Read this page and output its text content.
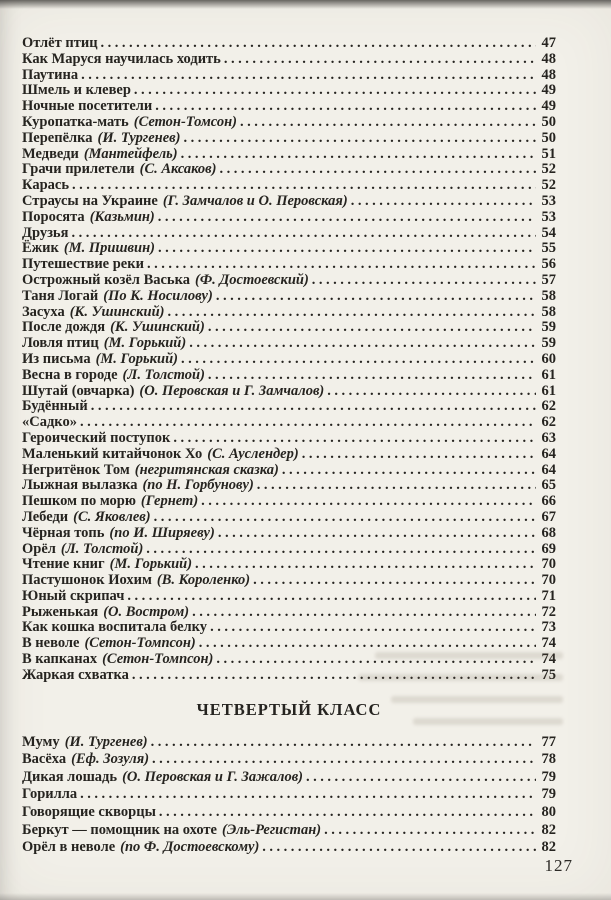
Отлёт птиц .....	47
Как Маруся научилась ходить .....	48
Паутина .....	48
Шмель и клевер .....	49
Ночные посетители .....	49
Куропатка-мать (Сетон-Томсон) .....	50
Перепёлка (И. Тургенев) .....	50
Медведи (Мантейфель) .....	51
Грачи прилетели (С. Аксаков) .....	52
Карась .....	52
Страусы на Украине (Г. Замчалов и О. Перовская) .....	53
Поросята (Казьмин) .....	53
Друзья .....	54
Ёжик (М. Пришвин) .....	55
Путешествие реки .....	56
Острожный козёл Васька (Ф. Достоевский) .....	57
Таня Логай (По К. Носилову) .....	58
Засуха (К. Ушинский) .....	58
После дождя (К. Ушинский) .....	59
Ловля птиц (М. Горький) .....	59
Из письма (М. Горький) .....	60
Весна в городе (Л. Толстой) .....	61
Шутай (овчарка) (О. Перовская и Г. Замчалов) .....	61
Будённый .....	62
«Садко» .....	62
Героический поступок .....	63
Маленький китайчонок Хо (С. Ауслендер) .....	64
Негритёнок Том (негритянская сказка) .....	64
Лыжная вылазка (по Н. Горбунову) .....	65
Пешком по морю (Гернет) .....	66
Лебеди (С. Яковлев) .....	67
Чёрная топь (по И. Ширяеву) .....	68
Орёл (Л. Толстой) .....	69
Чтение книг (М. Горький) .....	70
Пастушонок Иохим (В. Короленко) .....	70
Юный скрипач .....	71
Рыженькая (О. Востром) .....	72
Как кошка воспитала белку .....	73
В неволе (Сетон-Томпсон) .....	74
В капканах (Сетон-Томпсон) .....	74
Жаркая схватка .....	75
ЧЕТВЕРТЫЙ КЛАСС
Муму (И. Тургенев) .....	77
Васёха (Еф. Зозуля) .....	78
Дикая лошадь (О. Перовская и Г. Зажалов) .....	79
Горилла .....	79
Говорящие скворцы .....	80
Беркут — помощник на охоте (Эль-Регистан) .....	82
Орёл в неволе (по Ф. Достоевскому) .....	82
127
